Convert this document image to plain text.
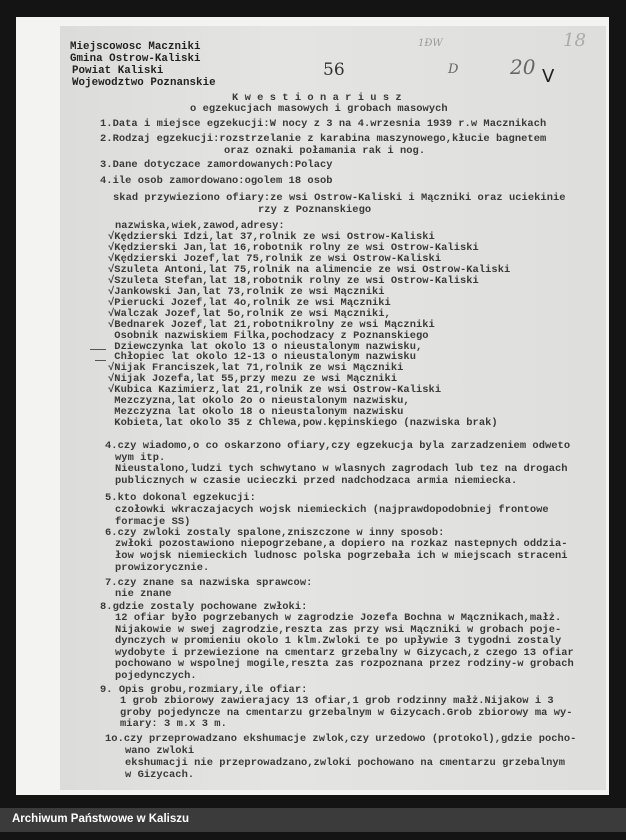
56
18
1ÐW
D	20 V
Miejscowosc Maczniki
Gmina Ostrow-Kaliski
Powiat Kaliski
Wojewodztwo Poznanskie
K w e s t i o n a r i u s z
o egzekucjach masowych i grobach masowych
1.Data i miejsce egzekucji:W nocy z 3 na 4.wrzesnia 1939 r.w Macznikach
2.Rodzaj egzekucji:rozstrzelanie z karabina maszynowego,kłucie bagnetem
oraz oznaki połamania rak i nog.
3.Dane dotyczace zamordowanych:Polacy
4.ile osob zamordowano:ogolem 18 osob
skad przywieziono ofiary:ze wsi Ostrow-Kaliski i Mączniki oraz uciekinie
rzy z Poznanskiego
nazwiska,wiek,zawod,adresy:
√Kędzierski Idzi,lat 37,rolnik ze wsi Ostrow-Kaliski
√Kędzierski Jan,lat 16,robotnik rolny ze wsi Ostrow-Kaliski
√Kędzierski Jozef,lat 75,rolnik ze wsi Ostrow-Kaliski
√Szuleta Antoni,lat 75,rolnik na alimencie ze wsi Ostrow-Kaliski
√Szuleta Stefan,lat 18,robotnik rolny ze wsi Ostrow-Kaliski
√Jankowski Jan,lat 73,rolnik ze wsi Mączniki
√Pierucki Jozef,lat 4o,rolnik ze wsi Mączniki
√Walczak Jozef,lat 5o,rolnik ze wsi Mączniki,
√Bednarek Jozef,lat 21,robotnikrolny ze wsi Mączniki
Osobnik nazwiskiem Filka,pochodzacy z Poznanskiego
Dziewczynka lat okolo 13 o nieustalonym nazwisku,
Chłopiec lat okolo 12-13 o nieustalonym nazwisku
√Nijak Franciszek,lat 71,rolnik ze wsi Mączniki
√Nijak Jozefa,lat 55,przy mezu ze wsi Mączniki
√Kubica Kazimierz,lat 21,rolnik ze wsi Ostrow-Kaliski
Mezczyzna,lat okolo 2o o nieustalonym nazwisku,
Mezczyzna lat okolo 18 o nieustalonym nazwisku
Kobieta,lat okolo 35 z Chlewa,pow.kępinskiego (nazwiska brak)
4.czy wiadomo,o co oskarzono ofiary,czy egzekucja byla zarzadzeniem odweto
wym itp.
Nieustalono,ludzi tych schwytano w wlasnych zagrodach lub tez na drogach
publicznych w czasie ucieczki przed nadchodzaca armia niemiecka.
5.kto dokonal egzekucji:
czołowki wkraczajacych wojsk niemieckich (najprawdopodobniej frontowe
formacje SS)
6.czy zwloki zostaly spalone,zniszczone w inny sposob:
zwłoki pozostawiono niepogrzebane,a dopiero na rozkaz nastepnych oddzia-
łow wojsk niemieckich ludnosc polska pogrzebała ich w miejscach straceni
prowizorycznie.
7.czy znane sa nazwiska sprawcow:
nie znane
8.gdzie zostaly pochowane zwłoki:
12 ofiar było pogrzebanych w zagrodzie Jozefa Bochna w Mącznikach,małż.
Nijakowie w swej zagrodzie,reszta zas przy wsi Mączniki w grobach poje-
dynczych w promieniu okolo 1 klm.Zwloki te po upływie 3 tygodni zostaly
wydobyte i przewiezione na cmentarz grzebalny w Gizycach,z czego 13 ofiar
pochowano w wspolnej mogile,reszta zas rozpoznana przez rodziny-w grobach
pojedynczych.
9. Opis grobu,rozmiary,ile ofiar:
1 grob zbiorowy zawierajacy 13 ofiar,1 grob rodzinny małż.Nijakow i 3
groby pojedyncze na cmentarzu grzebalnym w Gizycach.Grob zbiorowy ma wy-
miary: 3 m.x 3 m.
1o.czy przeprowadzano ekshumacje zwlok,czy urzedowo (protokol),gdzie pocho-
wano zwloki
ekshumacji nie przeprowadzano,zwloki pochowano na cmentarzu grzebalnym
w Gizycach.
Archiwum Państwowe w Kaliszu
